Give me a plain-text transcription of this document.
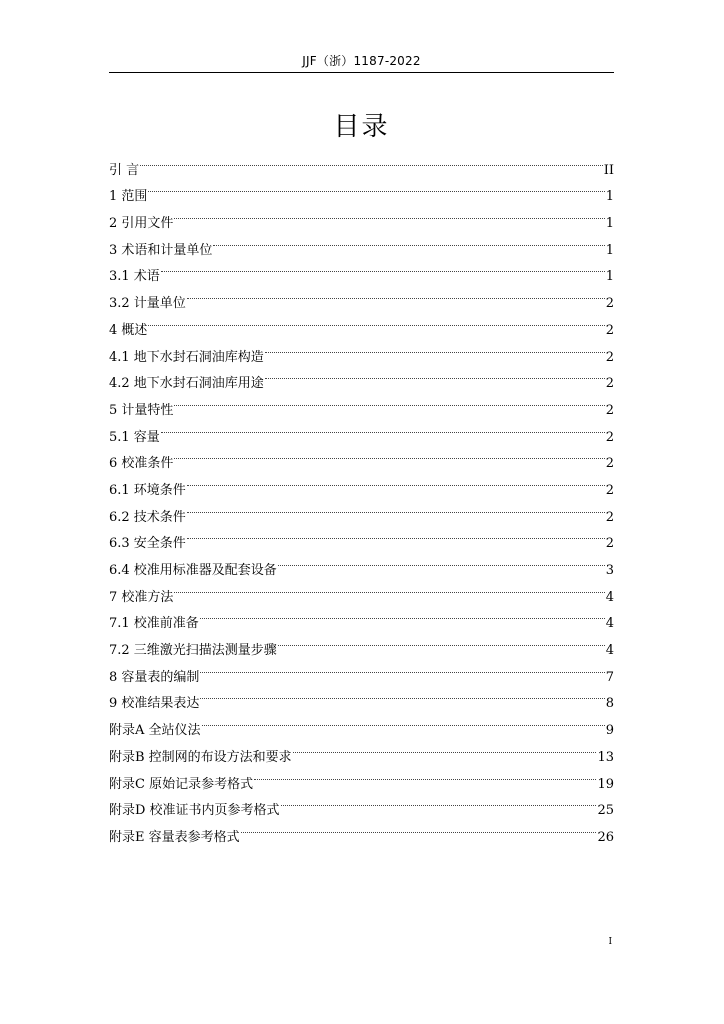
JJF（浙）1187-2022
目录
引 言	II
1 范围	1
2 引用文件	1
3 术语和计量单位	1
3.1 术语	1
3.2 计量单位	2
4 概述	2
4.1 地下水封石洞油库构造	2
4.2 地下水封石洞油库用途	2
5 计量特性	2
5.1 容量	2
6 校准条件	2
6.1 环境条件	2
6.2 技术条件	2
6.3 安全条件	2
6.4 校准用标准器及配套设备	3
7 校准方法	4
7.1 校准前准备	4
7.2 三维激光扫描法测量步骤	4
8 容量表的编制	7
9 校准结果表达	8
附录A 全站仪法	9
附录B 控制网的布设方法和要求	13
附录C 原始记录参考格式	19
附录D 校准证书内页参考格式	25
附录E 容量表参考格式	26
I
